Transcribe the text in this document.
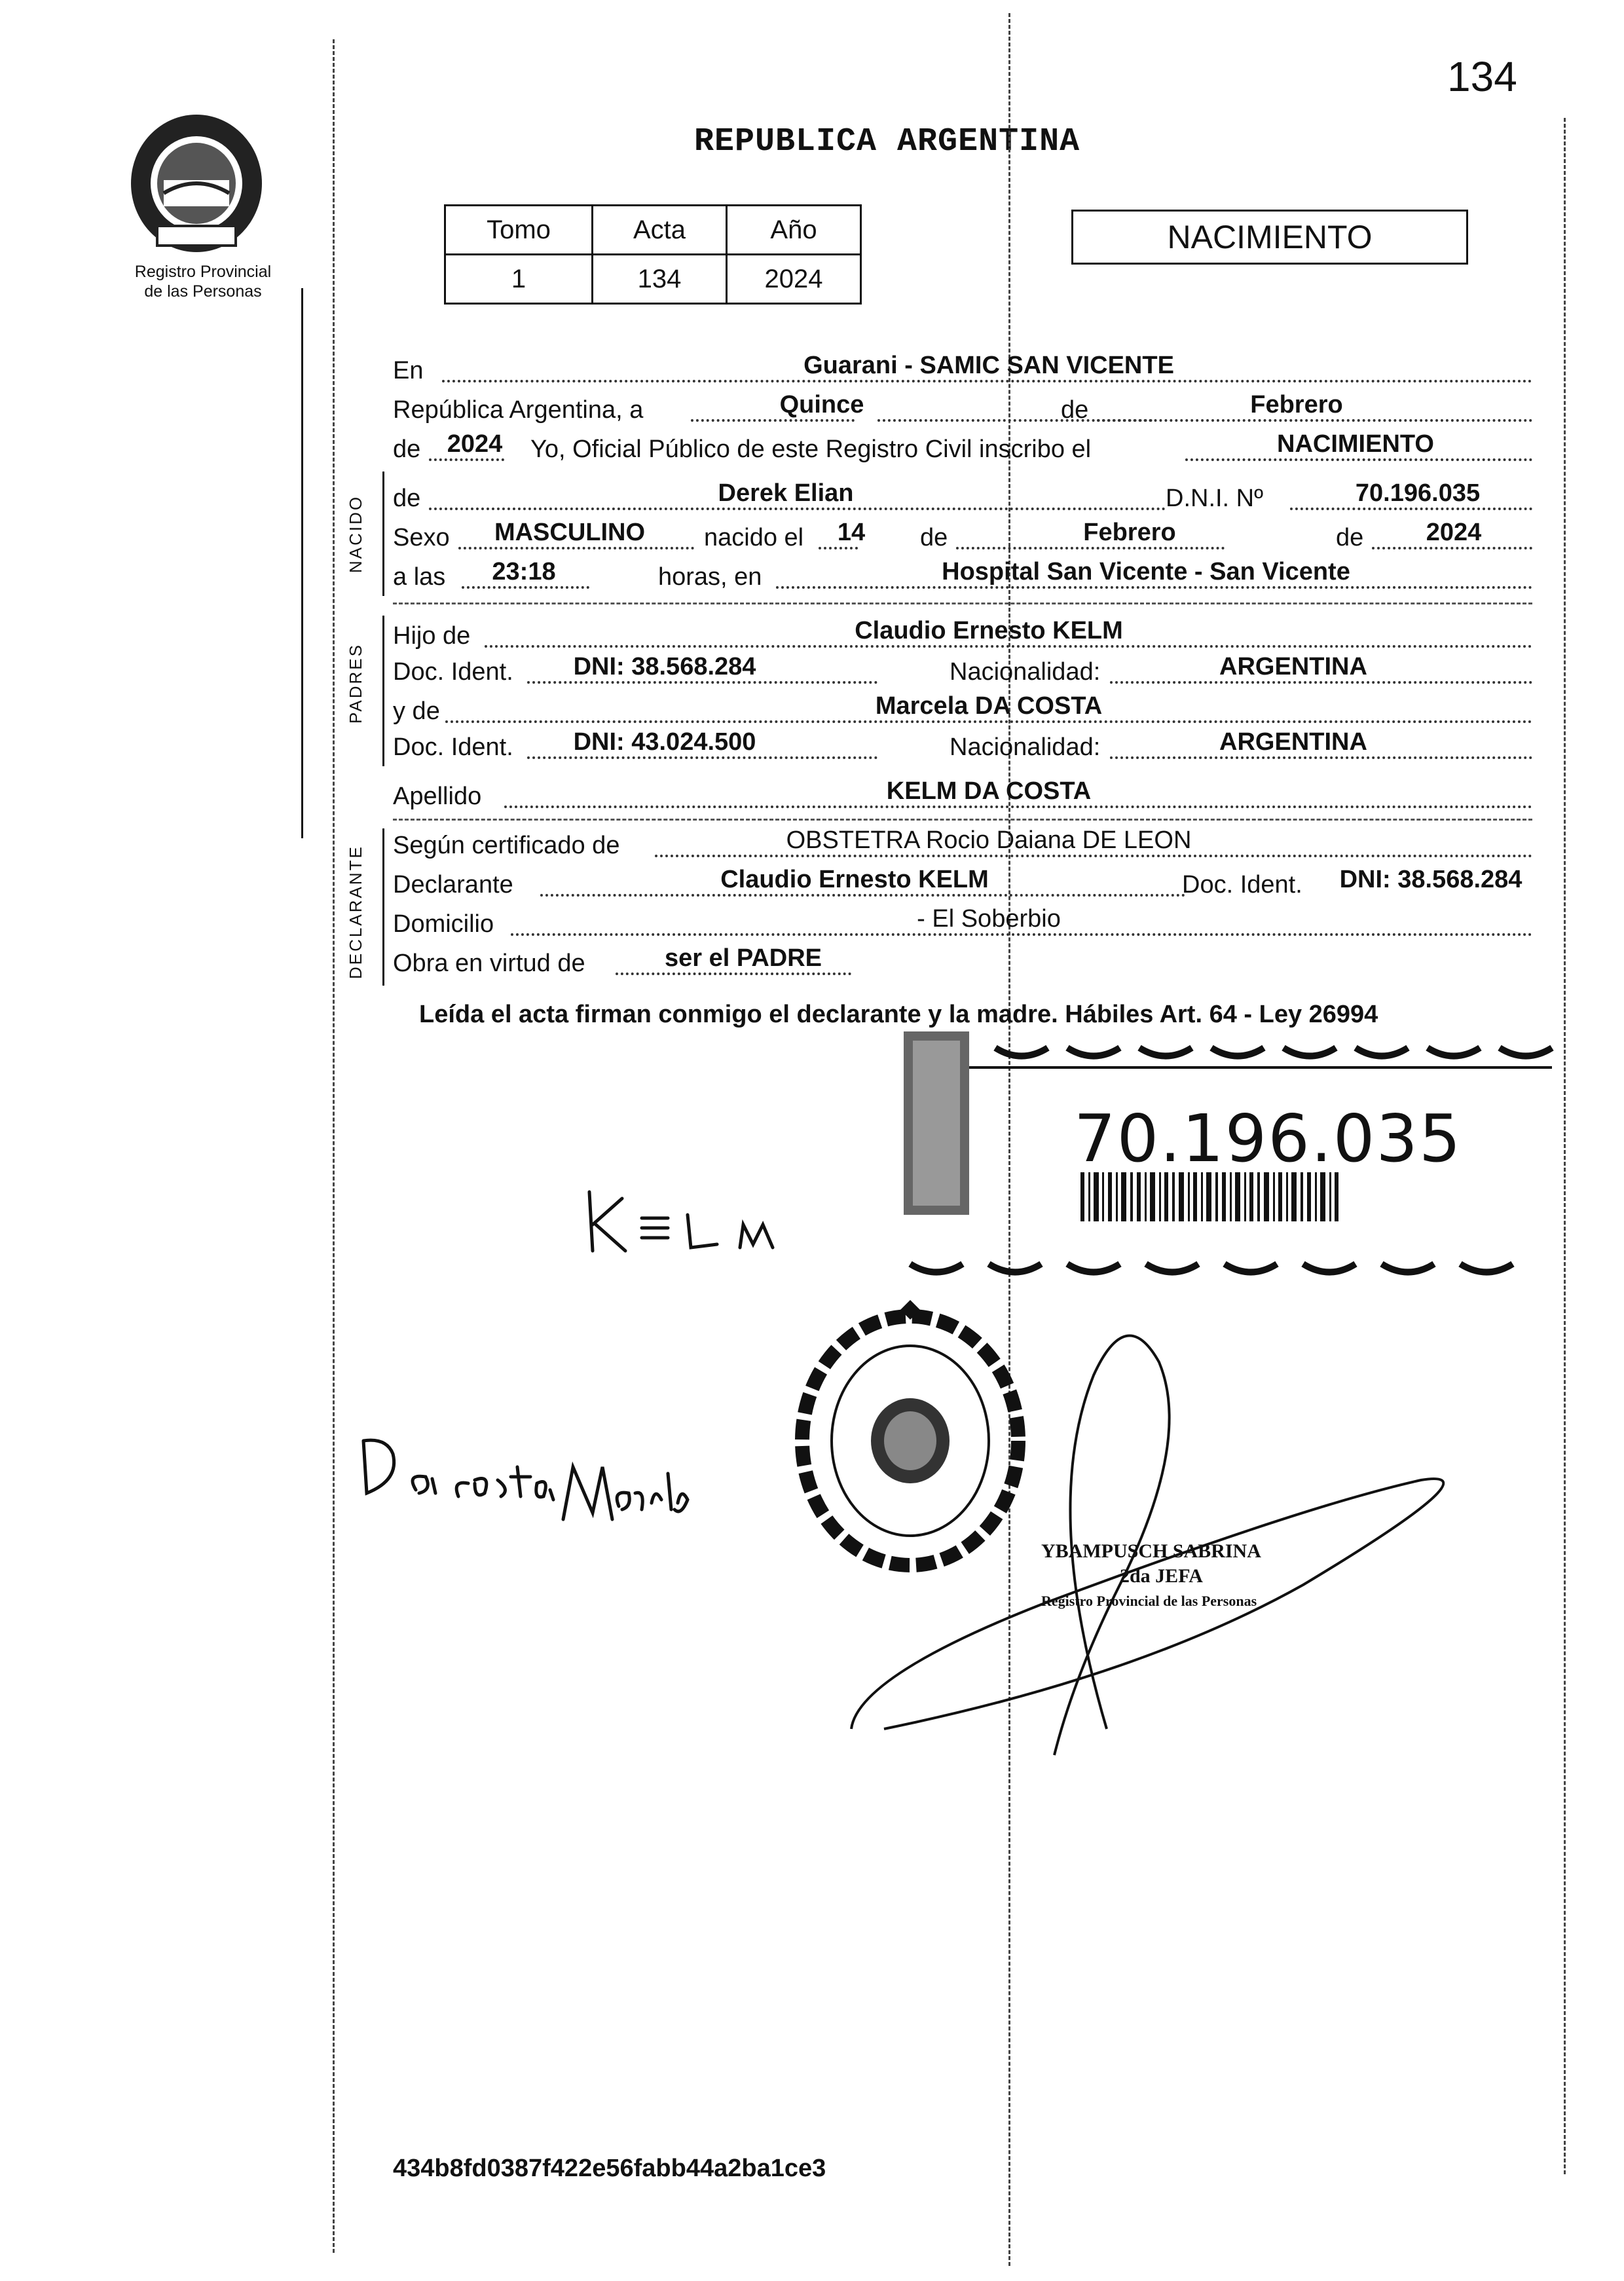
134
REPUBLICA ARGENTINA
Registro Provincial
de las Personas
Tomo	Acta	Año
1	134	2024
NACIMIENTO
NACIDO
PADRES
DECLARANTE
En	Guarani - SAMIC SAN VICENTE
República Argentina, a	Quince	de	Febrero
de	2024	Yo, Oficial Público de este Registro Civil inscribo el	NACIMIENTO
de	Derek Elian	D.N.I. Nº	70.196.035
Sexo	MASCULINO	nacido el	14	de	Febrero	de	2024
a las	23:18	horas, en	Hospital San Vicente - San Vicente
Hijo de	Claudio Ernesto KELM
Doc. Ident.	DNI: 38.568.284	Nacionalidad:	ARGENTINA
y de	Marcela DA COSTA
Doc. Ident.	DNI: 43.024.500	Nacionalidad:	ARGENTINA
Apellido	KELM DA COSTA
Según certificado de	OBSTETRA Rocio Daiana DE LEON
Declarante	Claudio Ernesto KELM	Doc. Ident.	DNI: 38.568.284
Domicilio	- El Soberbio
Obra en virtud de	ser el PADRE
Leída el acta firman conmigo el declarante y la madre. Hábiles Art. 64 - Ley 26994
70.196.035
YBAMPUSCH SABRINA
2da JEFA
Registro Provincial de las Personas
434b8fd0387f422e56fabb44a2ba1ce3
